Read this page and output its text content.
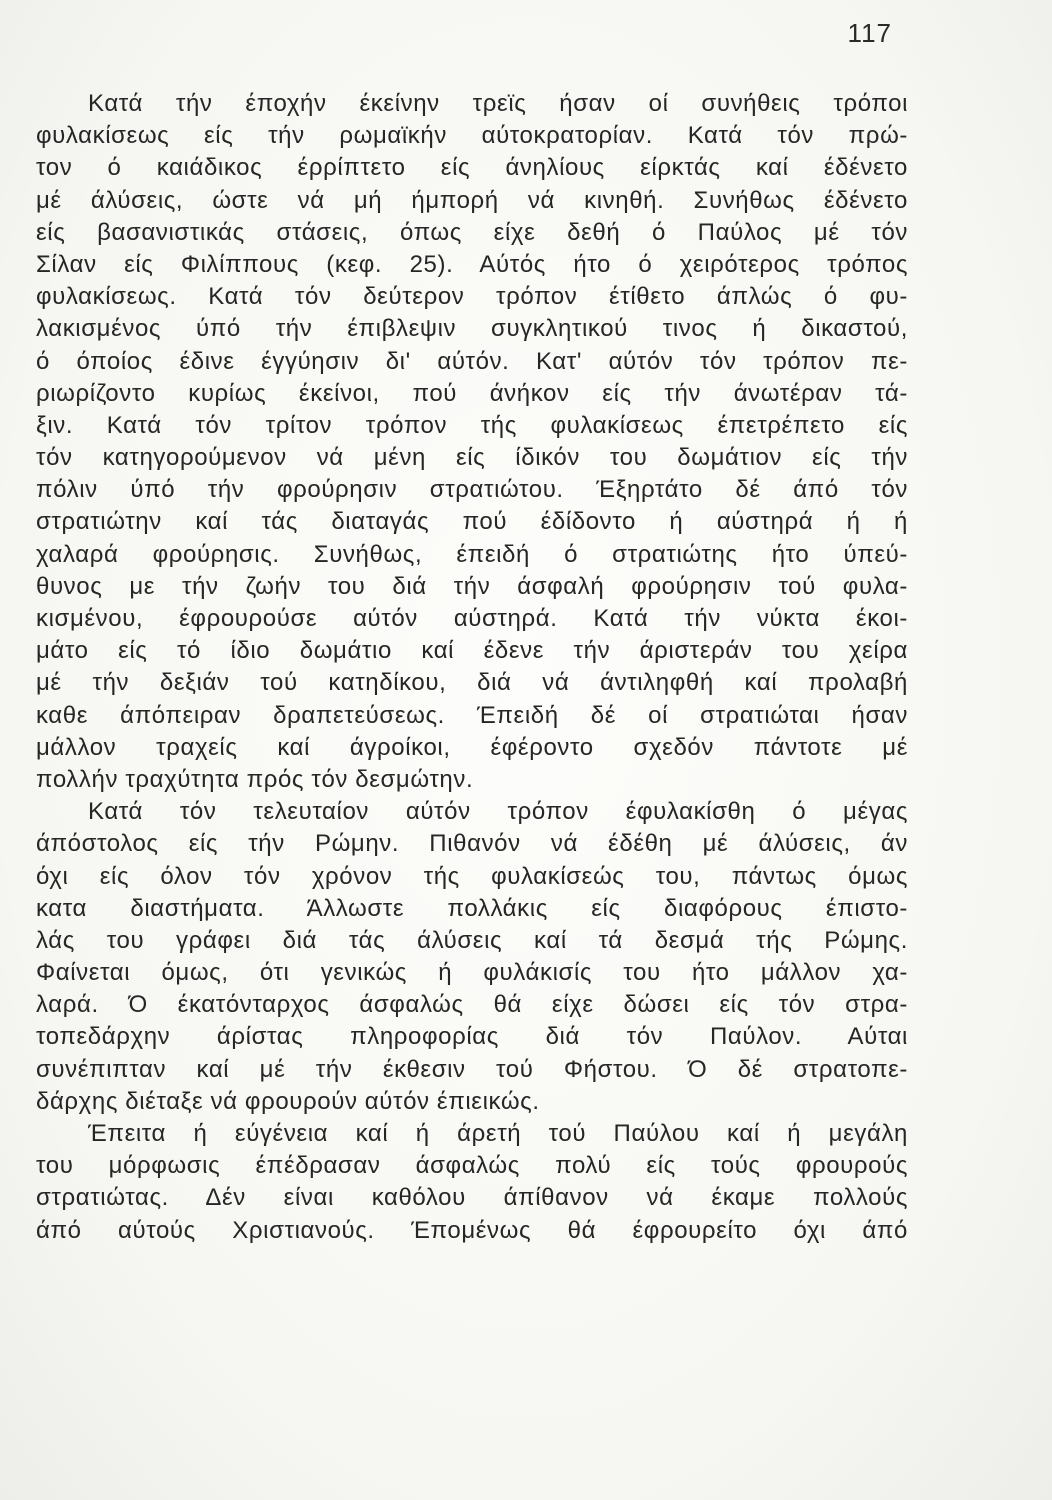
117
Κατά τήν έποχήν έκείνην τρεϊς ήσαν οί συνήθεις τρόποι
φυλακίσεως είς τήν ρωμαϊκήν αύτοκρατορίαν. Κατά τόν πρώ-
τον ό καιάδικος έρρίπτετο είς άνηλίους είρκτάς καί έδένετο
μέ άλύσεις, ώστε νά μή ήμπορή νά κινηθή. Συνήθως έδένετο
είς βασανιστικάς στάσεις, όπως είχε δεθή ό Παύλος μέ τόν
Σίλαν είς Φιλίππους (κεφ. 25). Αύτός ήτο ό χειρότερος τρόπος
φυλακίσεως. Κατά τόν δεύτερον τρόπον έτίθετο άπλώς ό φυ-
λακισμένος ύπό τήν έπιβλεψιν συγκλητικού τινος ή δικαστού,
ό όποίος έδινε έγγύησιν δι' αύτόν. Κατ' αύτόν τόν τρόπον πε-
ριωρίζοντο κυρίως έκείνοι, πού άνήκον είς τήν άνωτέραν τά-
ξιν. Κατά τόν τρίτον τρόπον τής φυλακίσεως έπετρέπετο είς
τόν κατηγορούμενον νά μένη είς ίδικόν του δωμάτιον είς τήν
πόλιν ύπό τήν φρούρησιν στρατιώτου. Έξηρτάτο δέ άπό τόν
στρατιώτην καί τάς διαταγάς πού έδίδοντο ή αύστηρά ή ή
χαλαρά φρούρησις. Συνήθως, έπειδή ό στρατιώτης ήτο ύπεύ-
θυνος με τήν ζωήν του διά τήν άσφαλή φρούρησιν τού φυλα-
κισμένου, έφρουρούσε αύτόν αύστηρά. Κατά τήν νύκτα έκοι-
μάτο είς τό ίδιο δωμάτιο καί έδενε τήν άριστεράν του χείρα
μέ τήν δεξιάν τού κατηδίκου, διά νά άντιληφθή καί προλαβή
καθε άπόπειραν δραπετεύσεως. Έπειδή δέ οί στρατιώται ήσαν
μάλλον τραχείς καί άγροίκοι, έφέροντο σχεδόν πάντοτε μέ
πολλήν τραχύτητα πρός τόν δεσμώτην.
Κατά τόν τελευταίον αύτόν τρόπον έφυλακίσθη ό μέγας
άπόστολος είς τήν Ρώμην. Πιθανόν νά έδέθη μέ άλύσεις, άν
όχι είς όλον τόν χρόνον τής φυλακίσεώς του, πάντως όμως
κατα διαστήματα. Άλλωστε πολλάκις είς διαφόρους έπιστο-
λάς του γράφει διά τάς άλύσεις καί τά δεσμά τής Ρώμης.
Φαίνεται όμως, ότι γενικώς ή φυλάκισίς του ήτο μάλλον χα-
λαρά. Ό έκατόνταρχος άσφαλώς θά είχε δώσει είς τόν στρα-
τοπεδάρχην άρίστας πληροφορίας διά τόν Παύλον. Αύται
συνέπιπταν καί μέ τήν έκθεσιν τού Φήστου. Ό δέ στρατοπε-
δάρχης διέταξε νά φρουρούν αύτόν έπιεικώς.
Έπειτα ή εύγένεια καί ή άρετή τού Παύλου καί ή μεγάλη
του μόρφωσις έπέδρασαν άσφαλώς πολύ είς τούς φρουρούς
στρατιώτας. Δέν είναι καθόλου άπίθανον νά έκαμε πολλούς
άπό αύτούς Χριστιανούς. Έπομένως θά έφρουρείτο όχι άπό
